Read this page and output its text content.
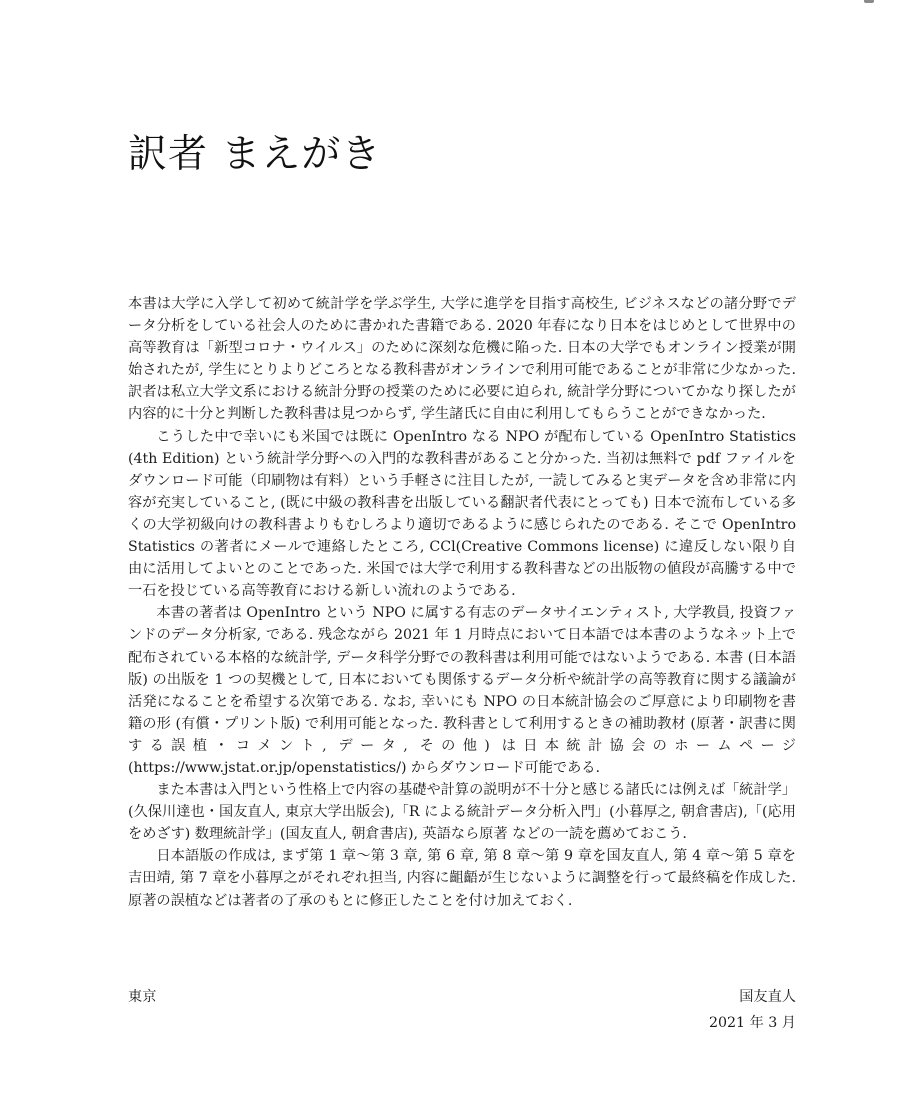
訳者 まえがき

本書は大学に入学して初めて統計学を学ぶ学生, 大学に進学を目指す高校生, ビジネスなどの諸分野でデータ分析をしている社会人のために書かれた書籍である. 2020 年春になり日本をはじめとして世界中の高等教育は「新型コロナ・ウイルス」のために深刻な危機に陥った. 日本の大学でもオンライン授業が開始されたが, 学生にとりよりどころとなる教科書がオンラインで利用可能であることが非常に少なかった. 訳者は私立大学文系における統計分野の授業のために必要に迫られ, 統計学分野についてかなり探したが内容的に十分と判断した教科書は見つからず, 学生諸氏に自由に利用してもらうことができなかった.

こうした中で幸いにも米国では既に OpenIntro なる NPO が配布している OpenIntro Statistics (4th Edition) という統計学分野への入門的な教科書があること分かった. 当初は無料で pdf ファイルをダウンロード可能（印刷物は有料）という手軽さに注目したが, 一読してみると実データを含め非常に内容が充実していること, (既に中級の教科書を出版している翻訳者代表にとっても) 日本で流布している多くの大学初級向けの教科書よりもむしろより適切であるように感じられたのである. そこで OpenIntro Statistics の著者にメールで連絡したところ, CCl(Creative Commons license) に違反しない限り自由に活用してよいとのことであった. 米国では大学で利用する教科書などの出版物の値段が高騰する中で一石を投じている高等教育における新しい流れのようである.

本書の著者は OpenIntro という NPO に属する有志のデータサイエンティスト, 大学教員, 投資ファンドのデータ分析家, である. 残念ながら 2021 年 1 月時点において日本語では本書のようなネット上で配布されている本格的な統計学, データ科学分野での教科書は利用可能ではないようである. 本書 (日本語版) の出版を 1 つの契機として, 日本においても関係するデータ分析や統計学の高等教育に関する議論が活発になることを希望する次第である. なお, 幸いにも NPO の日本統計協会のご厚意により印刷物を書籍の形 (有償・プリント版) で利用可能となった. 教科書として利用するときの補助教材 (原著・訳書に関する誤植・コメント, データ, その他) は日本統計協会のホームページ (https://www.jstat.or.jp/openstatistics/) からダウンロード可能である.

また本書は入門という性格上で内容の基礎や計算の説明が不十分と感じる諸氏には例えば「統計学」(久保川達也・国友直人, 東京大学出版会),「R による統計データ分析入門」(小暮厚之, 朝倉書店),「(応用をめざす) 数理統計学」(国友直人, 朝倉書店), 英語なら原著 などの一読を薦めておこう.

日本語版の作成は, まず第 1 章〜第 3 章, 第 6 章, 第 8 章〜第 9 章を国友直人, 第 4 章〜第 5 章を吉田靖, 第 7 章を小暮厚之がそれぞれ担当, 内容に齟齬が生じないように調整を行って最終稿を作成した. 原著の誤植などは著者の了承のもとに修正したことを付け加えておく.

東京	国友直人
2021 年 3 月
